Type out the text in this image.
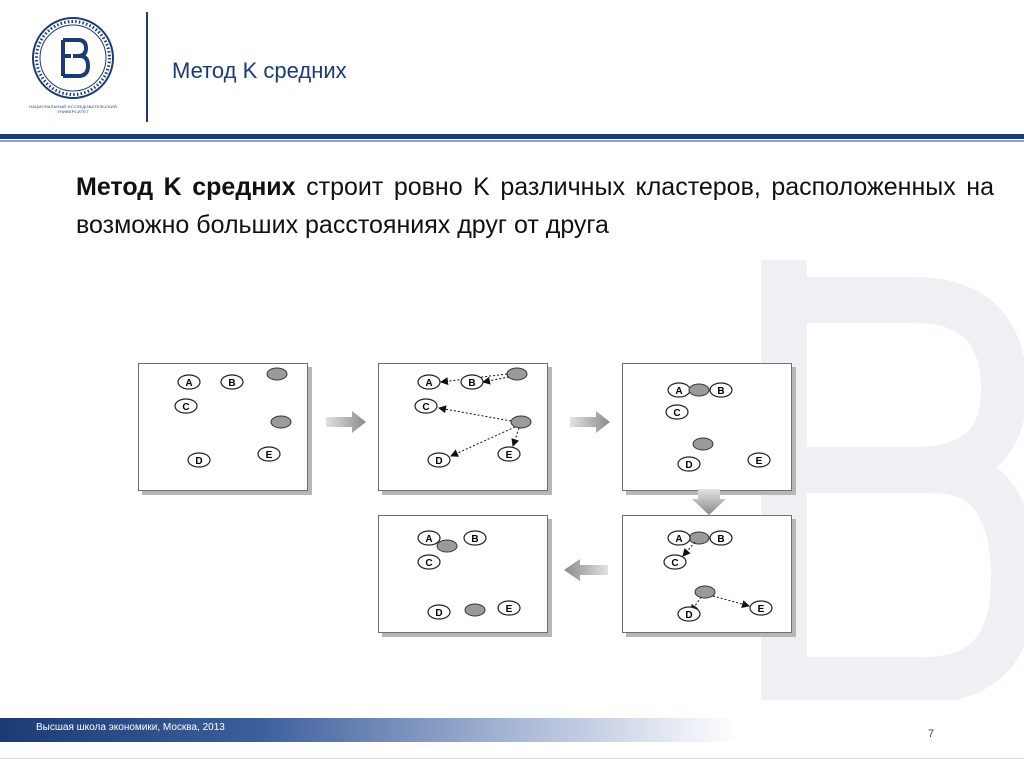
НАЦИОНАЛЬНЫЙ ИССЛЕДОВАТЕЛЬСКИЙ УНИВЕРСИТЕТ
Метод K средних
Метод K средних строит ровно K различных кластеров, расположенных на возможно больших расстояниях друг от друга
A	B
C
D
E
A	B
C
D
E
A	B
C
D	E
A	B
C
D
E
A	B
C
D	E
Высшая школа экономики, Москва, 2013
7
